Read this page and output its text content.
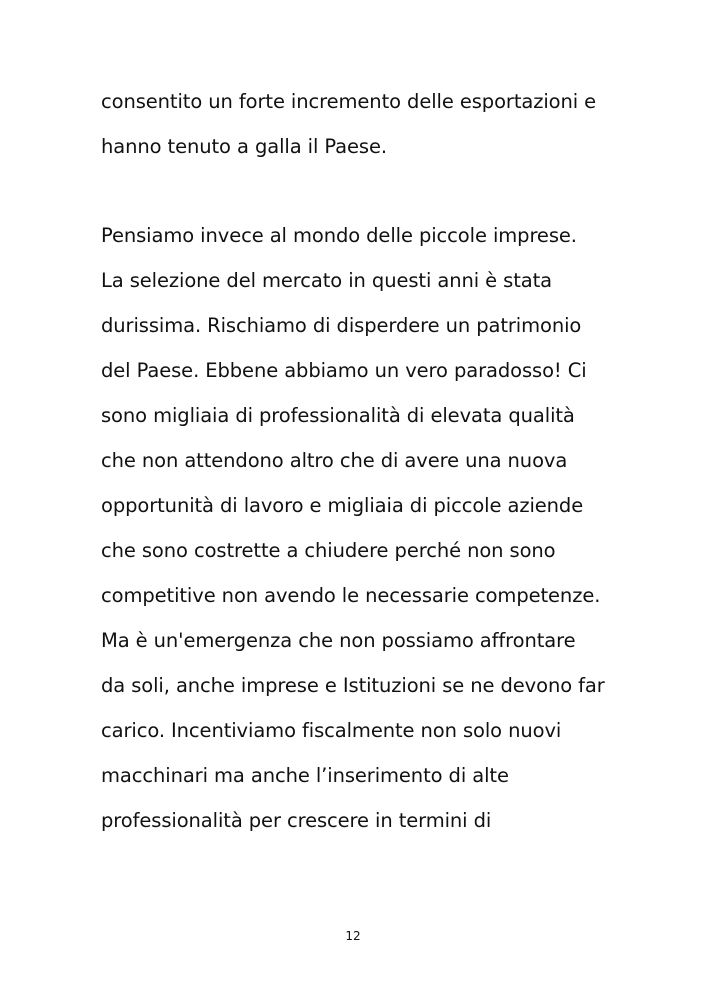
consentito un forte incremento delle esportazioni e
hanno tenuto a galla il Paese.
Pensiamo invece al mondo delle piccole imprese.
La selezione del mercato in questi anni è stata
durissima. Rischiamo di disperdere un patrimonio
del Paese. Ebbene abbiamo un vero paradosso! Ci
sono migliaia di professionalità di elevata qualità
che non attendono altro che di avere una nuova
opportunità di lavoro e migliaia di piccole aziende
che sono costrette a chiudere perché non sono
competitive non avendo le necessarie competenze.
Ma è un'emergenza che non possiamo affrontare
da soli, anche imprese e Istituzioni se ne devono far
carico. Incentiviamo fiscalmente non solo nuovi
macchinari ma anche l’inserimento di alte
professionalità per crescere in termini di
12
